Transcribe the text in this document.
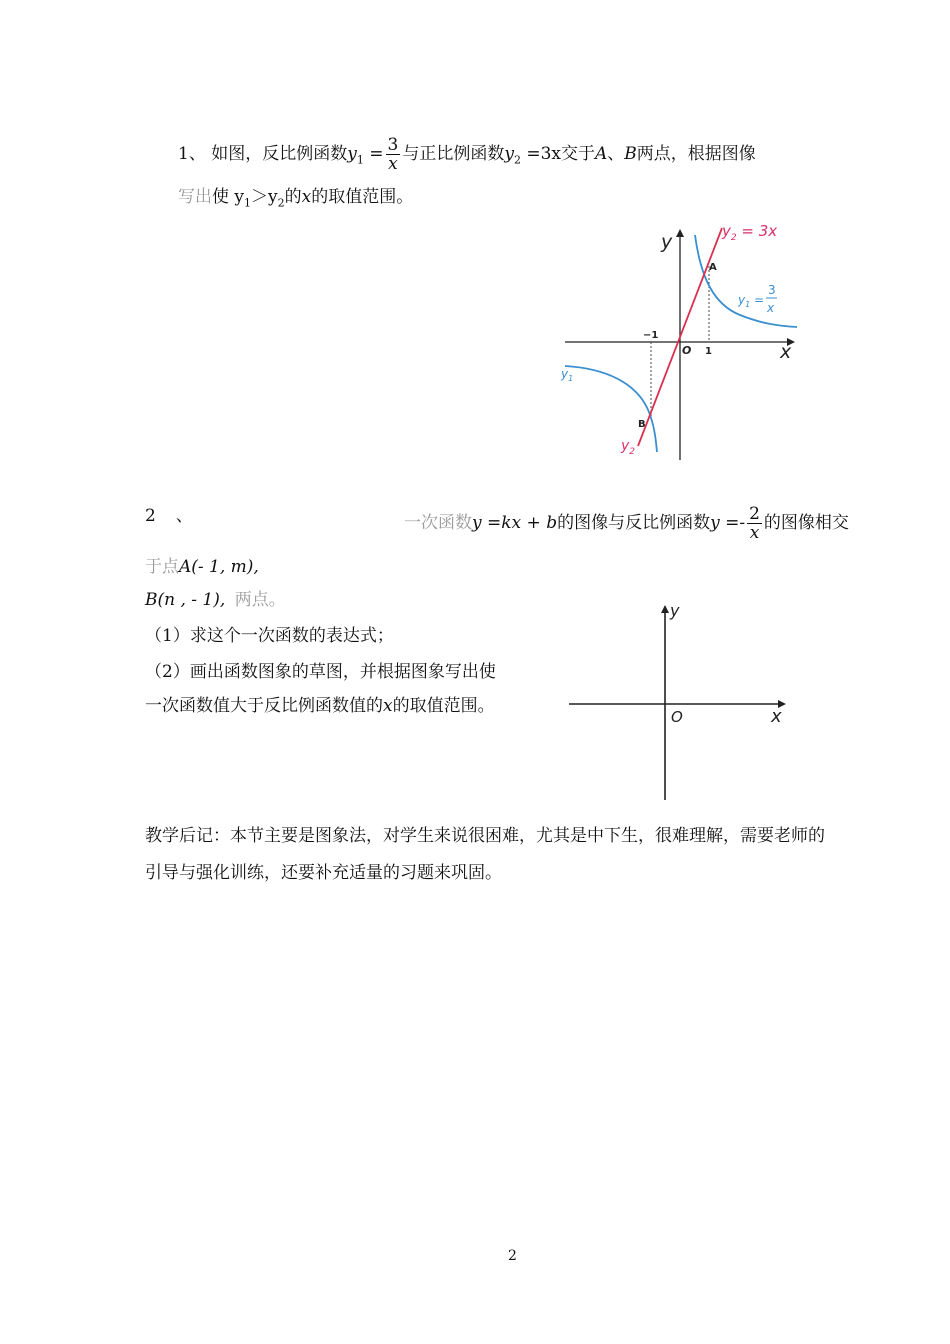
1、 如图，反比例函数$y_1 = \frac{3}{x}$ 与正比例函数$y_2 =3x$交于A、B两点，根据图像
写出使 $y_1>y_2$的x的取值范围。
−1
1
O	x
y
A
B
$y_2 = 3x$
$y_1$ =
3
x
$y_1$
$y_2$
2 、	一次函数y =kx + b的图像与反比例函数$y =- \frac{2}{x}$ 的图像相交
于点A(- 1, m),
B(n , - 1), 两点。
（1）求这个一次函数的表达式；
（2）画出函数图象的草图，并根据图象写出使
一次函数值大于反比例函数值的x的取值范围。
y
x
O
教学后记：本节主要是图象法，对学生来说很困难，尤其是中下生，很难理解，需要老师的
引导与强化训练，还要补充适量的习题来巩固。
2
